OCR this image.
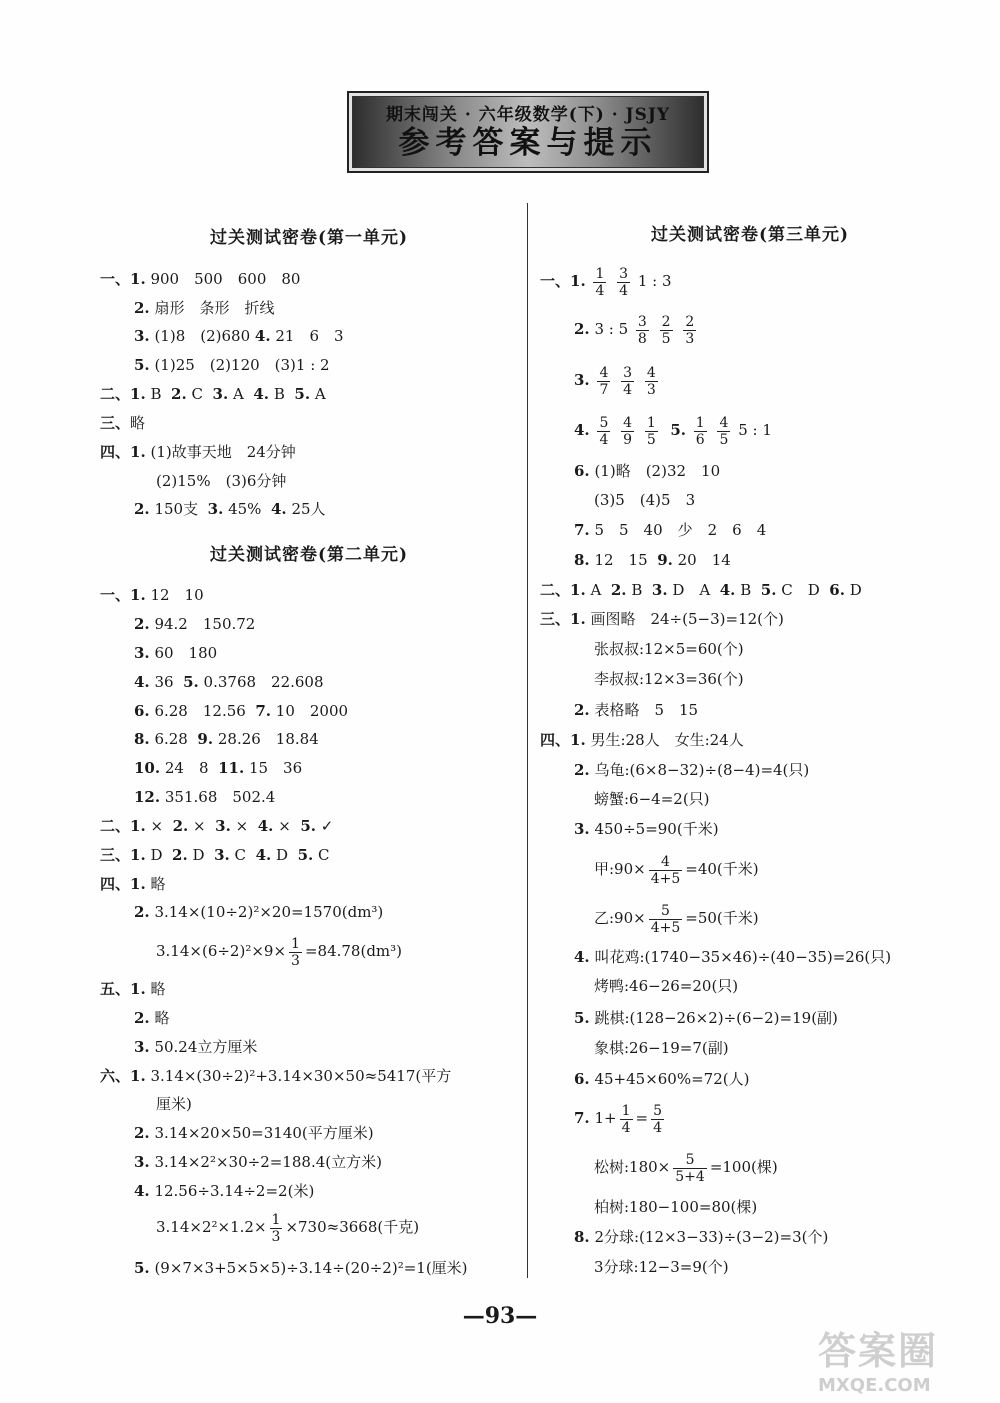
期末闯关 · 六年级数学(下) · JSJY
参考答案与提示
过关测试密卷(第一单元)
一、1. 900　500　600　80
2. 扇形　条形　折线
3. (1)8　(2)680 4. 21　6　3
5. (1)25　(2)120　(3)1 : 2
二、1. B 2. C 3. A 4. B 5. A
三、略
四、1. (1)故事天地　24分钟
(2)15%　(3)6分钟
2. 150支 3. 45% 4. 25人
过关测试密卷(第二单元)
一、1. 12　10
2. 94.2　150.72
3. 60　180
4. 36 5. 0.3768　22.608
6. 6.28　12.56 7. 10　2000
8. 6.28 9. 28.26　18.84
10. 24　8 11. 15　36
12. 351.68　502.4
二、1. × 2. × 3. × 4. × 5. ✓
三、1. D 2. D 3. C 4. D 5. C
四、1. 略
2. 3.14×(10÷2)²×20=1570(dm³)
$3.14\times(6\div 2)^2\times 9\times \frac{1}{3} =84.78(dm^3)$
五、1. 略
2. 略
3. 50.24立方厘米
六、1. 3.14×(30÷2)²+3.14×30×50≈5417(平方
厘米)
2. 3.14×20×50=3140(平方厘米)
3. 3.14×2²×30÷2=188.4(立方米)
4. 12.56÷3.14÷2=2(米)
$3.14\times 2^2\times 1.2\times \frac{1}{3} \times 730\approx 3668$(千克)
5. (9×7×3+5×5×5)÷3.14÷(20÷2)²=1(厘米)
过关测试密卷(第三单元)
一、1. $\frac{1}{4}$
$\frac{3}{4} 1$ : 3
2. 3 : $5 \frac{3}{8}$
$\frac{2}{5}$
$\frac{2}{3}$
3. $\frac{4}{7}$
$\frac{3}{4}$
$\frac{4}{3}$
4. $\frac{5}{4}$
$\frac{4}{9}$
$\frac{1}{5} 5$. $\frac{1}{6}$
$\frac{4}{5} 5$ : 1
6. (1)略　(2)32　10
(3)5　(4)5　3
7. 5　5　40　少　2　6　4
8. 12　15 9. 20　14
二、1. A 2. B 3. D　A 4. B 5. C　D 6. D
三、1. 画图略　24÷(5−3)=12(个)
张叔叔:12×5=60(个)
李叔叔:12×3=36(个)
2. 表格略　5　15
四、1. 男生:28人　女生:24人
2. 乌龟:(6×8−32)÷(8−4)=4(只)
螃蟹:6−4=2(只)
3. 450÷5=90(千米)
甲:90× $\frac{4}{4+5} =40$(千米)
乙:90× $\frac{5}{4+5} =50$(千米)
4. 叫花鸡:(1740−35×46)÷(40−35)=26(只)
烤鸭:46−26=20(只)
5. 跳棋:(128−26×2)÷(6−2)=19(副)
象棋:26−19=7(副)
6. 45+45×60%=72(人)
7. $1+ \frac{1}{4} = \frac{5}{4}$
松树:180× $\frac{5}{5+4} =100$(棵)
柏树:180−100=80(棵)
8. 2分球:(12×3−33)÷(3−2)=3(个)
3分球:12−3=9(个)
—93—
答案圈
MXQE.COM
